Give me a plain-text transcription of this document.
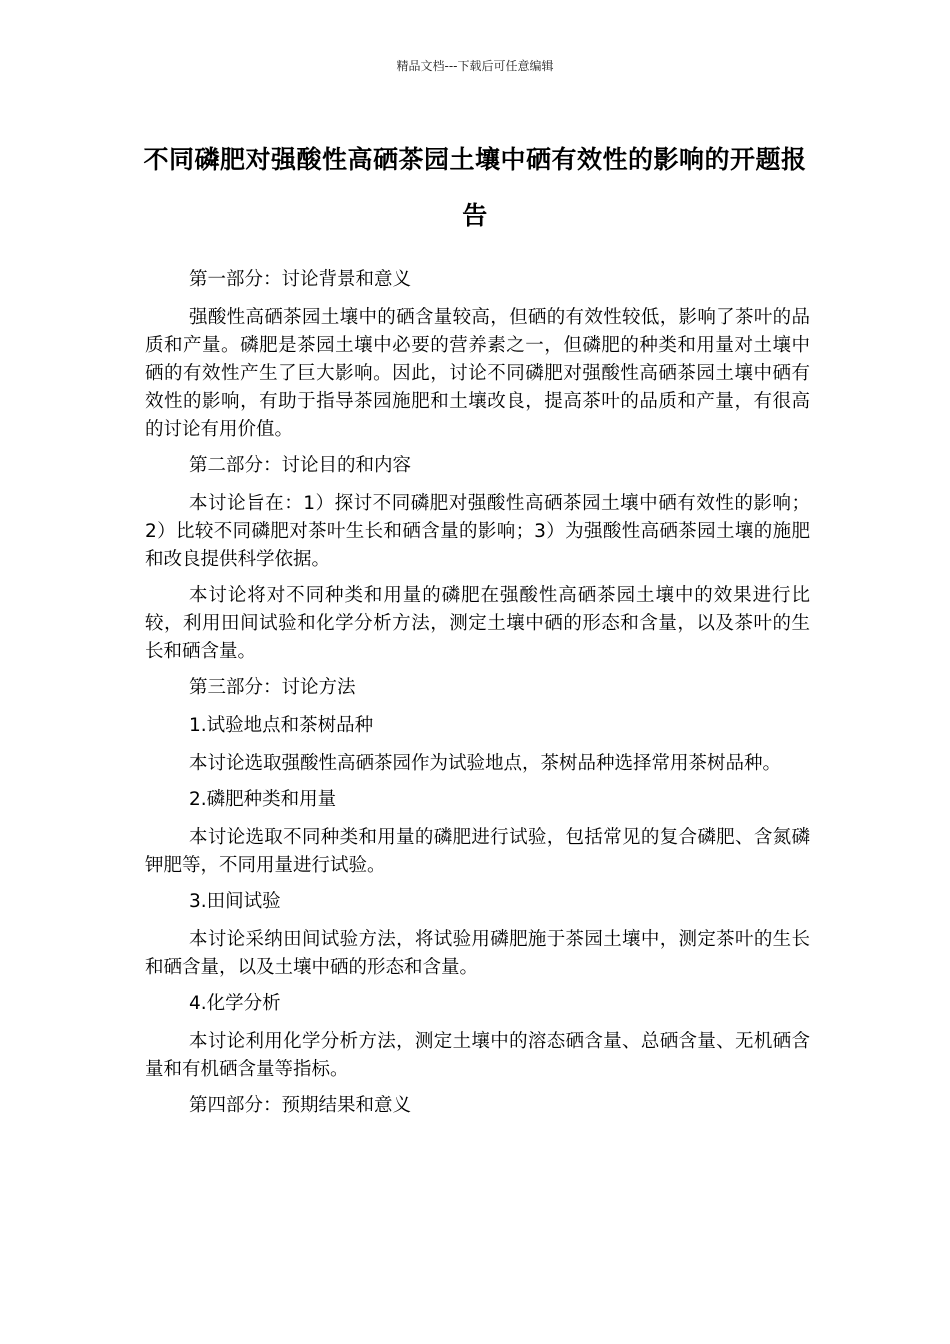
精品文档---下载后可任意编辑
不同磷肥对强酸性高硒茶园土壤中硒有效性的影响的开题报告

第一部分：讨论背景和意义

强酸性高硒茶园土壤中的硒含量较高，但硒的有效性较低，影响了茶叶的品质和产量。磷肥是茶园土壤中必要的营养素之一，但磷肥的种类和用量对土壤中硒的有效性产生了巨大影响。因此，讨论不同磷肥对强酸性高硒茶园土壤中硒有效性的影响，有助于指导茶园施肥和土壤改良，提高茶叶的品质和产量，有很高的讨论有用价值。

第二部分：讨论目的和内容

本讨论旨在：1）探讨不同磷肥对强酸性高硒茶园土壤中硒有效性的影响；2）比较不同磷肥对茶叶生长和硒含量的影响；3）为强酸性高硒茶园土壤的施肥和改良提供科学依据。

本讨论将对不同种类和用量的磷肥在强酸性高硒茶园土壤中的效果进行比较，利用田间试验和化学分析方法，测定土壤中硒的形态和含量，以及茶叶的生长和硒含量。

第三部分：讨论方法

1.试验地点和茶树品种

本讨论选取强酸性高硒茶园作为试验地点，茶树品种选择常用茶树品种。

2.磷肥种类和用量

本讨论选取不同种类和用量的磷肥进行试验，包括常见的复合磷肥、含氮磷钾肥等，不同用量进行试验。

3.田间试验

本讨论采纳田间试验方法，将试验用磷肥施于茶园土壤中，测定茶叶的生长和硒含量，以及土壤中硒的形态和含量。

4.化学分析

本讨论利用化学分析方法，测定土壤中的溶态硒含量、总硒含量、无机硒含量和有机硒含量等指标。

第四部分：预期结果和意义
